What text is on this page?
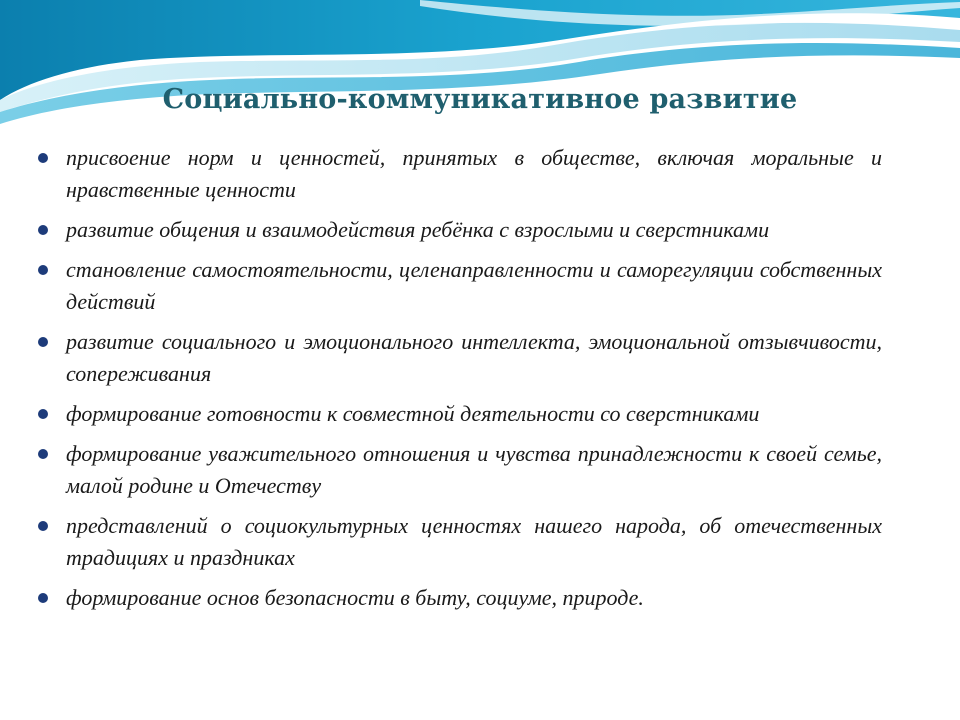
Социально-коммуникативное развитие
присвоение норм и ценностей, принятых в обществе, включая моральные и нравственные ценности
развитие общения и взаимодействия ребёнка с взрослыми и сверстниками
становление самостоятельности, целенаправленности и саморегуляции собственных действий
развитие социального и эмоционального интеллекта, эмоциональной отзывчивости, сопереживания
формирование готовности к совместной деятельности со сверстниками
формирование уважительного отношения и чувства принадлежности к своей семье, малой родине и Отечеству
представлений о социокультурных ценностях нашего народа, об отечественных традициях и праздниках
формирование основ безопасности в быту, социуме, природе.
